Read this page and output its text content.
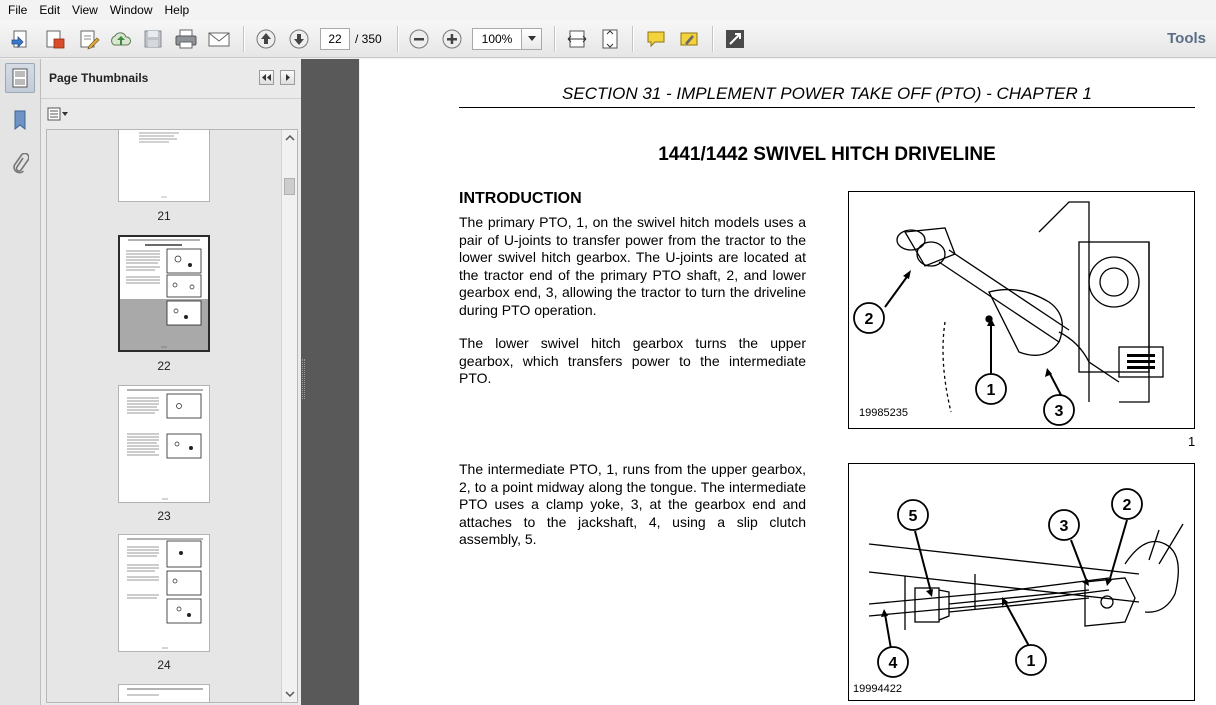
File	Edit	View	Window	Help
22
/ 350
100%	Tools
Page Thumbnails
21
22
23
24
SECTION 31 - IMPLEMENT POWER TAKE OFF (PTO) - CHAPTER 1
1441/1442 SWIVEL HITCH DRIVELINE
INTRODUCTION
The primary PTO, 1, on the swivel hitch models uses a pair of U-joints to transfer power from the tractor to the lower swivel hitch gearbox. The U-joints are located at the tractor end of the primary PTO shaft, 2, and lower gearbox end, 3, allowing the tractor to turn the driveline during PTO operation.
The lower swivel hitch gearbox turns the upper gearbox, which transfers power to the intermediate PTO.
The intermediate PTO, 1, runs from the upper gearbox, 2, to a point midway along the tongue. The intermediate PTO uses a clamp yoke, 3, at the gearbox end and attaches to the jackshaft, 4, using a slip clutch assembly, 5.
2
1
3
19985235
1
5
3
2
4	1
19994422
